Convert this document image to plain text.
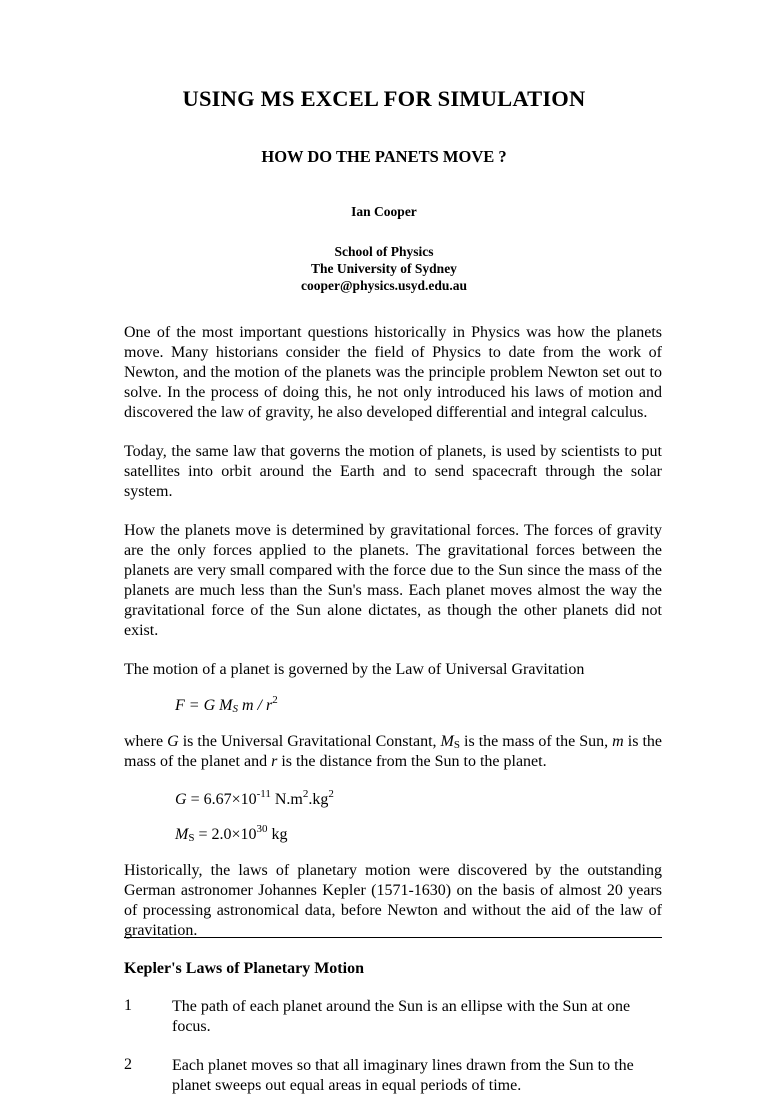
USING MS EXCEL FOR SIMULATION
HOW DO THE PANETS MOVE ?
Ian Cooper
School of Physics
The University of Sydney
cooper@physics.usyd.edu.au

One of the most important questions historically in Physics was how the planets move. Many historians consider the field of Physics to date from the work of Newton, and the motion of the planets was the principle problem Newton set out to solve. In the process of doing this, he not only introduced his laws of motion and discovered the law of gravity, he also developed differential and integral calculus.

Today, the same law that governs the motion of planets, is used by scientists to put satellites into orbit around the Earth and to send spacecraft through the solar system.

How the planets move is determined by gravitational forces. The forces of gravity are the only forces applied to the planets. The gravitational forces between the planets are very small compared with the force due to the Sun since the mass of the planets are much less than the Sun's mass. Each planet moves almost the way the gravitational force of the Sun alone dictates, as though the other planets did not exist.

The motion of a planet is governed by the Law of Universal Gravitation

F = G $M_S$ m / $r^2$

where G is the Universal Gravitational Constant, $M_S$ is the mass of the Sun, m is the mass of the planet and r is the distance from the Sun to the planet.

$G = 6.67\times 10^{-11}$ $N.m^2.kg^2$
$M_S = 2.0\times 10^{30}$ kg

Historically, the laws of planetary motion were discovered by the outstanding German astronomer Johannes Kepler (1571-1630) on the basis of almost 20 years of processing astronomical data, before Newton and without the aid of the law of gravitation.

Kepler's Laws of Planetary Motion
1	The path of each planet around the Sun is an ellipse with the Sun at one focus.
2	Each planet moves so that all imaginary lines drawn from the Sun to the planet sweeps out equal areas in equal periods of time.
